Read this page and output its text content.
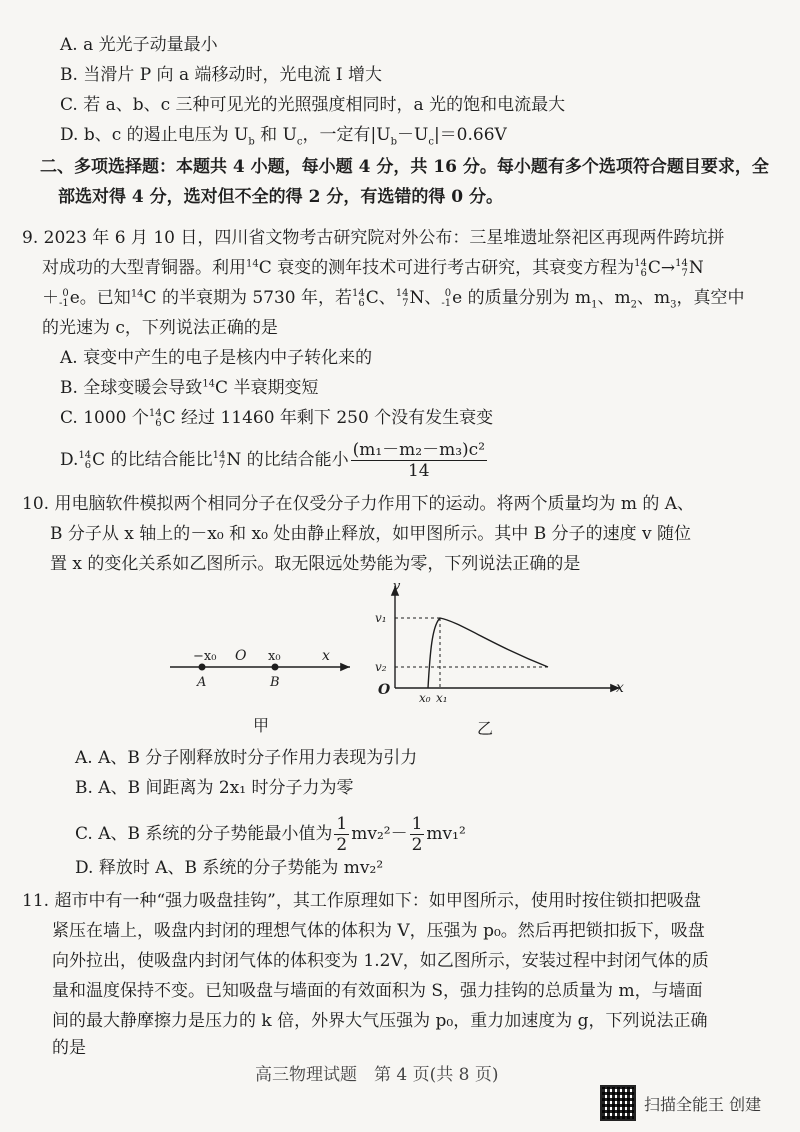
A. a 光光子动量最小
B. 当滑片 P 向 a 端移动时，光电流 I 增大
C. 若 a、b、c 三种可见光的光照强度相同时，a 光的饱和电流最大
D. b、c 的遏止电压为 $U_b$ 和 $U_c$，一定有$|U_b-U_c|=0.66V$
二、多项选择题：本题共 4 小题，每小题 4 分，共 16 分。每小题有多个选项符合题目要求，全
部选对得 4 分，选对但不全的得 2 分，有选错的得 0 分。
9. 2023 年 6 月 10 日，四川省文物考古研究院对外公布：三星堆遗址祭祀区再现两件跨坑拼
对成功的大型青铜器。利用$^{14}$C 衰变的测年技术可进行考古研究，其衰变方程为14
6C→14
7N
＋ 0
-1e。已知$^{14}$C 的半衰期为 5730 年，若14
6C、14
7N、 0
-1e 的质量分别为 $m_1$、$m_2$、$m_3$，真空中
的光速为 c，下列说法正确的是
A. 衰变中产生的电子是核内中子转化来的
B. 全球变暖会导致$^{14}$C 半衰期变短
C. 1000 个14
6C 经过 11460 年剩下 250 个没有发生衰变
D.14
6C 的比结合能比14
7N 的比结合能小 $\frac{\text{(m₁－m₂－m₃)c²}}{14}$
10. 用电脑软件模拟两个相同分子在仅受分子力作用下的运动。将两个质量均为 m 的 A、
B 分子从 x 轴上的－x₀ 和 x₀ 处由静止释放，如甲图所示。其中 B 分子的速度 v 随位
置 x 的变化关系如乙图所示。取无限远处势能为零，下列说法正确的是
−x₀ O x₀	x
A	B
甲
v
x
v₁
v₂
O x₀ x₁
乙
A. A、B 分子刚释放时分子作用力表现为引力
B. A、B 间距离为 2x₁ 时分子力为零
C. A、B 系统的分子势能最小值为 $\frac{1}{2} mv_2^2- \frac{1}{2} mv_1^2$
D. 释放时 A、B 系统的分子势能为 mv₂²
11. 超市中有一种“强力吸盘挂钩”，其工作原理如下：如甲图所示，使用时按住锁扣把吸盘
紧压在墙上，吸盘内封闭的理想气体的体积为 V，压强为 p₀。然后再把锁扣扳下，吸盘
向外拉出，使吸盘内封闭气体的体积变为 1.2V，如乙图所示，安装过程中封闭气体的质
量和温度保持不变。已知吸盘与墙面的有效面积为 S，强力挂钩的总质量为 m，与墙面
间的最大静摩擦力是压力的 k 倍，外界大气压强为 p₀，重力加速度为 g，下列说法正确
的是
高三物理试题　第 4 页(共 8 页)
扫描全能王 创建
